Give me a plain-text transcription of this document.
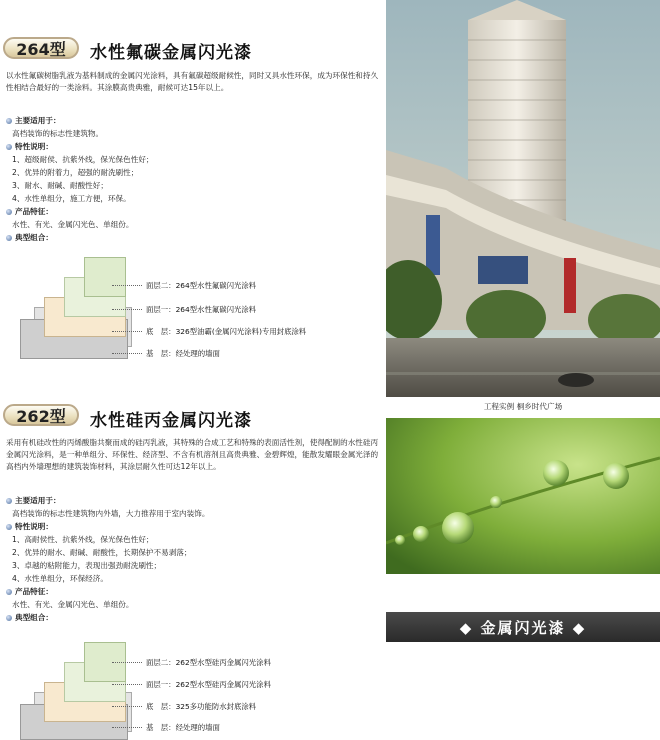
264型	水性氟碳金属闪光漆
以水性氟碳树脂乳液为基料制成的金属闪光涂料，具有氟碳超级耐候性，同时又具水性环保，成为环保性和持久性相结合最好的一类涂料。其涂膜高贵典雅，耐候可达15年以上。
主要适用于：
高档装饰的标志性建筑物。
特性说明：
1、超级耐侯、抗紫外线，保光保色性好；
2、优异的附着力，超强的耐洗刷性；
3、耐水、耐碱、耐酸性好；
4、水性单组分，施工方便，环保。
产品特征：
水性、有光、金属闪光色、单组份。
典型组合：
面层二：264型水性氟碳闪光涂料
面层一：264型水性氟碳闪光涂料
底　层：326型油霸(金属闪光涂料)专用封底涂料
基　层：经处理的墙面
262型	水性硅丙金属闪光漆
采用有机硅改性的丙烯酸脂共聚而成的硅丙乳液，其特殊的合成工艺和特殊的表面活性剂，使得配制的水性硅丙金属闪光涂料，是一种单组分、环保性、经济型、不含有机溶剂且高贵典雅、金碧辉煌，能散发耀眼金属光泽的高档内外墙理想的建筑装饰材料，其涂层耐久性可达12年以上。
主要适用于：
高档装饰的标志性建筑物内外墙，大力推荐用于室内装饰。
特性说明：
1、高耐侯性、抗紫外线，保光保色性好；
2、优异的耐水、耐碱、耐酸性，长期保护不易剥落；
3、卓越的粘附能力，表现出强劲耐洗刷性；
4、水性单组分，环保经济。
产品特征：
水性、有光、金属闪光色、单组份。
典型组合：
面层二：262型水型硅丙金属闪光涂料
面层一：262型水型硅丙金属闪光涂料
底　层：325多功能防水封底涂料
基　层：经处理的墙面
工程实例 桐乡时代广场
◆ 金属闪光漆 ◆
